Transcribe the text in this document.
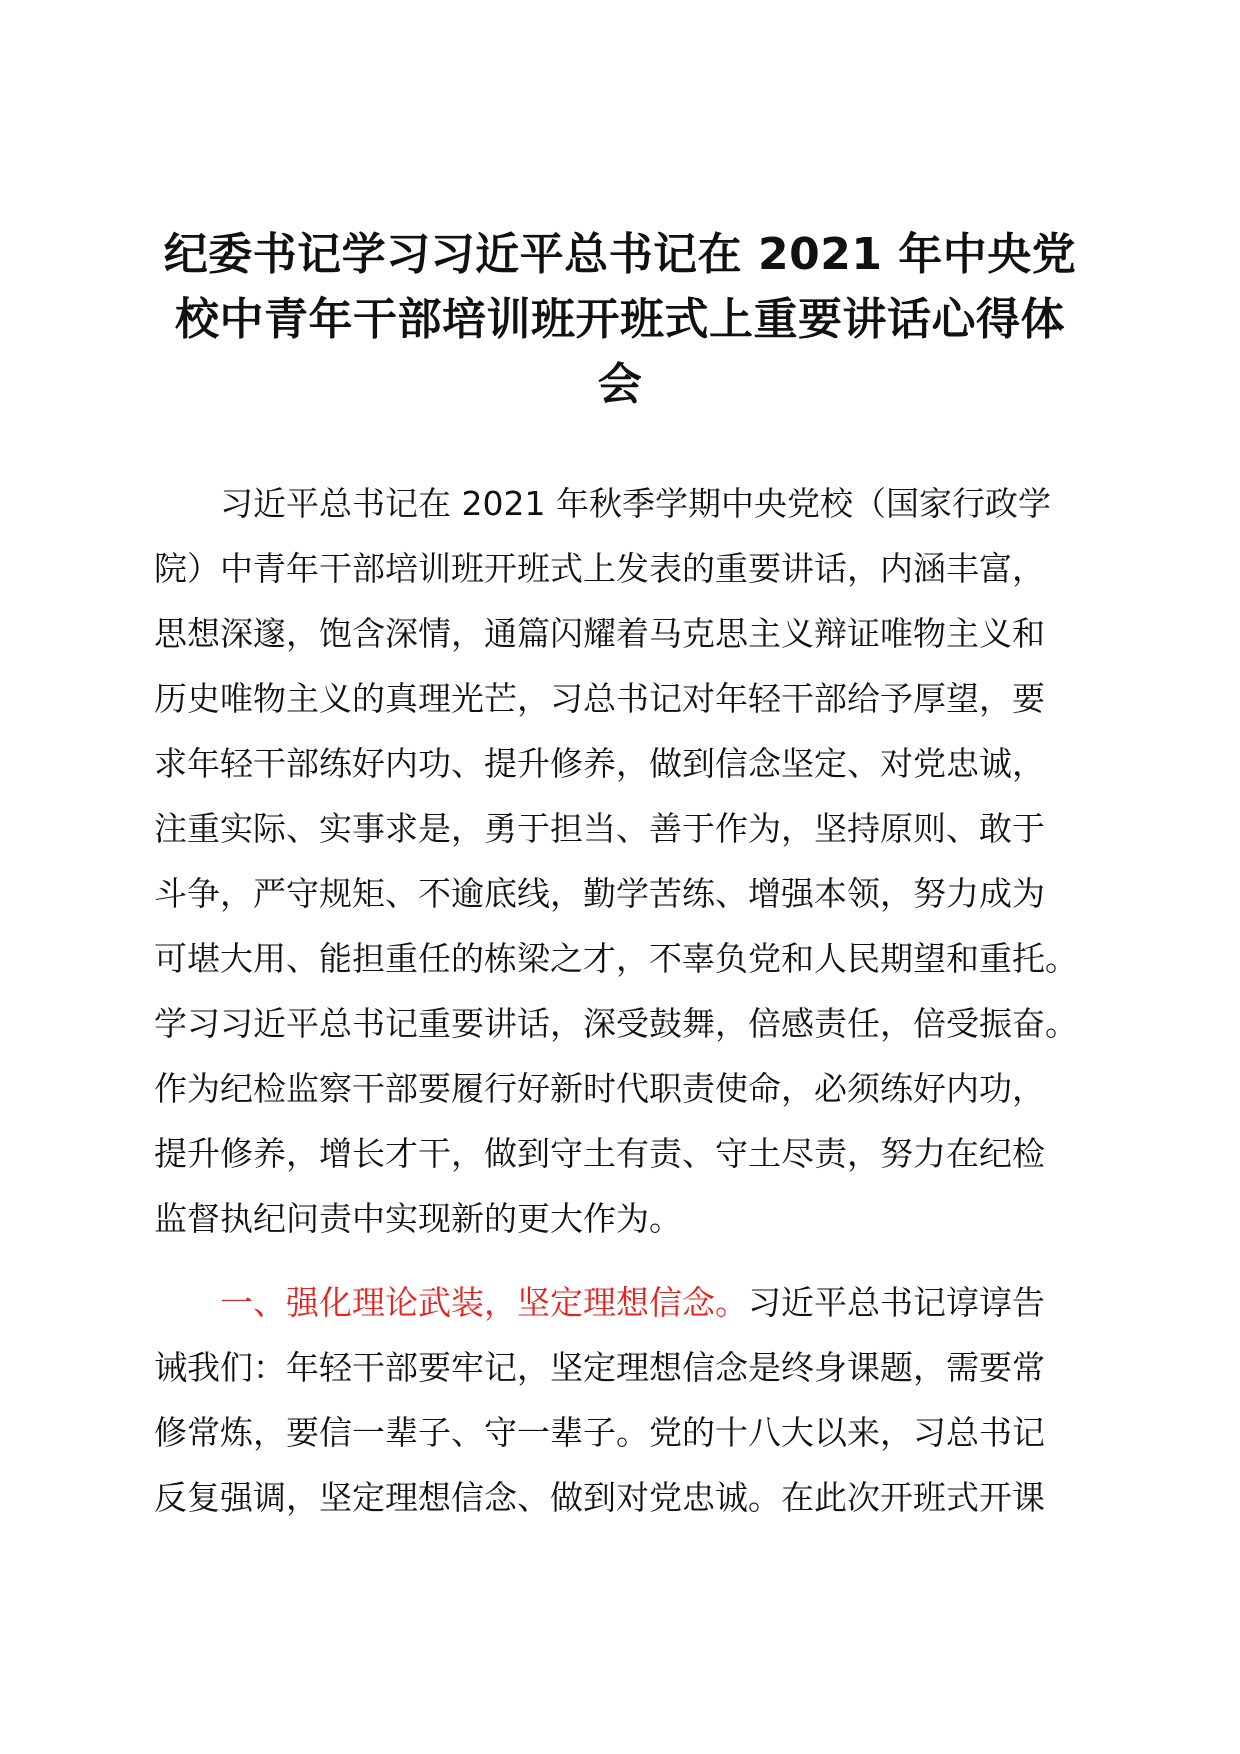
纪委书记学习习近平总书记在 2021 年中央党
校中青年干部培训班开班式上重要讲话心得体
会

　　习近平总书记在 2021 年秋季学期中央党校（国家行政学
院）中青年干部培训班开班式上发表的重要讲话，内涵丰富，
思想深邃，饱含深情，通篇闪耀着马克思主义辩证唯物主义和
历史唯物主义的真理光芒，习总书记对年轻干部给予厚望，要
求年轻干部练好内功、提升修养，做到信念坚定、对党忠诚，
注重实际、实事求是，勇于担当、善于作为，坚持原则、敢于
斗争，严守规矩、不逾底线，勤学苦练、增强本领，努力成为
可堪大用、能担重任的栋梁之才，不辜负党和人民期望和重托。
学习习近平总书记重要讲话，深受鼓舞，倍感责任，倍受振奋。
作为纪检监察干部要履行好新时代职责使命，必须练好内功，
提升修养，增长才干，做到守土有责、守土尽责，努力在纪检
监督执纪问责中实现新的更大作为。

　　一、强化理论武装，坚定理想信念。习近平总书记谆谆告
诫我们：年轻干部要牢记，坚定理想信念是终身课题，需要常
修常炼，要信一辈子、守一辈子。党的十八大以来，习总书记
反复强调，坚定理想信念、做到对党忠诚。在此次开班式开课
